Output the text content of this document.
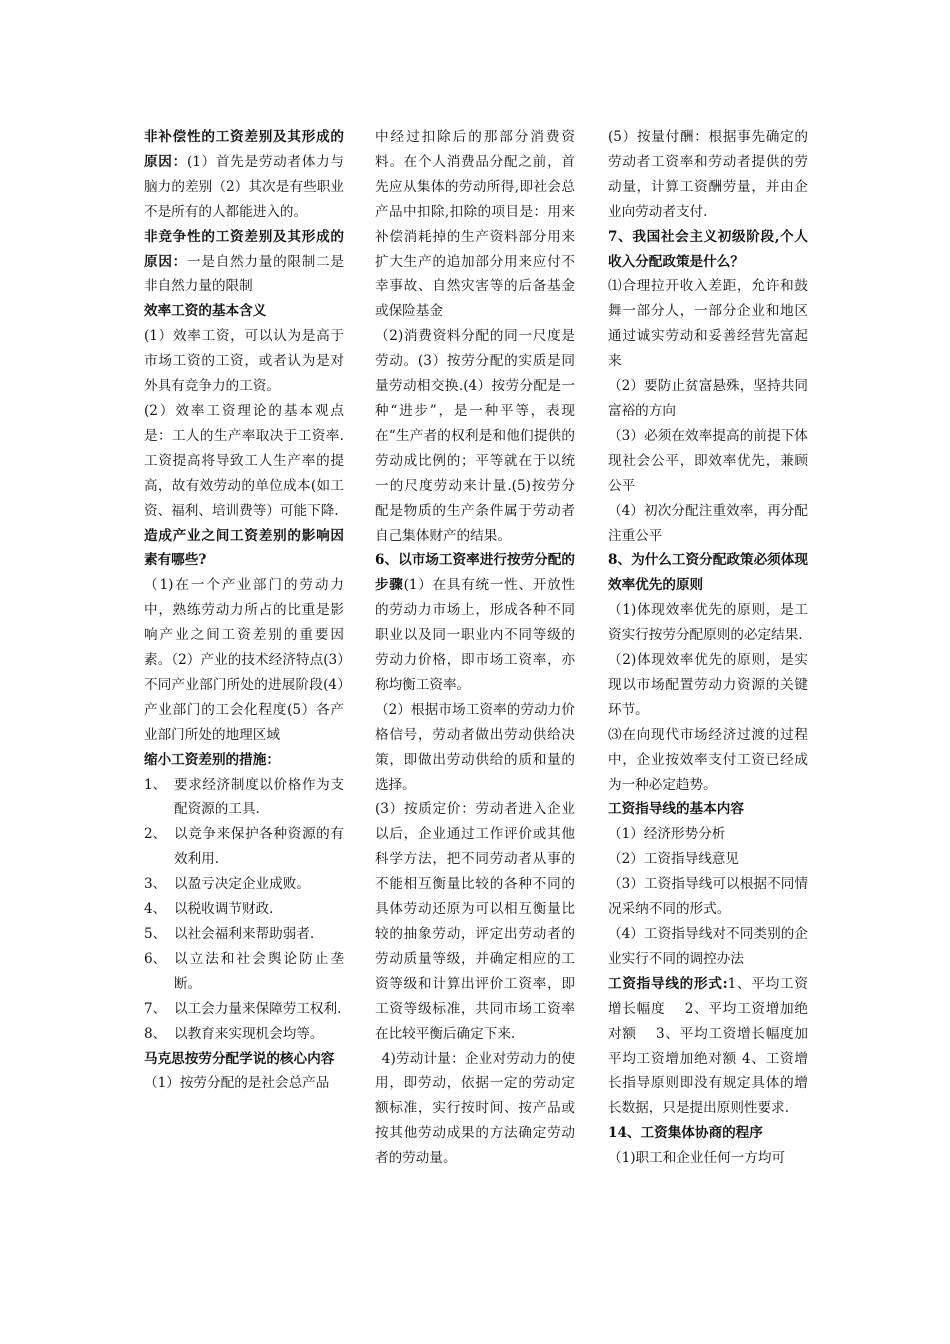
非补偿性的工资差别及其形成的原因：(1）首先是劳动者体力与脑力的差别（2）其次是有些职业不是所有的人都能进入的。

非竞争性的工资差别及其形成的原因：一是自然力量的限制二是非自然力量的限制

效率工资的基本含义

(1）效率工资，可以认为是高于市场工资的工资，或者认为是对外具有竞争力的工资。

(2）效率工资理论的基本观点是：工人的生产率取决于工资率.工资提高将导致工人生产率的提高，故有效劳动的单位成本(如工资、福利、培训费等）可能下降.

造成产业之间工资差别的影响因素有哪些?

（1)在一个产业部门的劳动力中，熟练劳动力所占的比重是影响产业之间工资差别的重要因素。（2）产业的技术经济特点(3）不同产业部门所处的进展阶段(4）产业部门的工会化程度(5）各产业部门所处的地理区域

缩小工资差别的措施：

1、 要求经济制度以价格作为支配资源的工具.
2、 以竞争来保护各种资源的有效利用.
3、 以盈亏决定企业成败。
4、 以税收调节财政.
5、 以社会福利来帮助弱者.
6、 以立法和社会舆论防止垄断。
7、 以工会力量来保障劳工权利.
8、 以教育来实现机会均等。

马克思按劳分配学说的核心内容

（1）按劳分配的是社会总产品

中经过扣除后的那部分消费资料。在个人消费品分配之前，首先应从集体的劳动所得,即社会总产品中扣除,扣除的项目是：用来补偿消耗掉的生产资料部分用来扩大生产的追加部分用来应付不幸事故、自然灾害等的后备基金或保险基金

（2)消费资料分配的同一尺度是劳动。(3）按劳分配的实质是同量劳动相交换.(4）按劳分配是一种“进步”，是一种平等，表现在“生产者的权利是和他们提供的劳动成比例的；平等就在于以统一的尺度劳动来计量.(5)按劳分配是物质的生产条件属于劳动者自己集体财产的结果。

6、以市场工资率进行按劳分配的步骤(1）在具有统一性、开放性的劳动力市场上，形成各种不同职业以及同一职业内不同等级的劳动力价格，即市场工资率，亦称均衡工资率。

（2）根据市场工资率的劳动力价格信号，劳动者做出劳动供给决策，即做出劳动供给的质和量的选择。

(3）按质定价：劳动者进入企业以后，企业通过工作评价或其他科学方法，把不同劳动者从事的不能相互衡量比较的各种不同的具体劳动还原为可以相互衡量比较的抽象劳动，评定出劳动者的劳动质量等级，并确定相应的工资等级和计算出评价工资率，即工资等级标准，共同市场工资率在比较平衡后确定下来.

4)劳动计量：企业对劳动力的使用，即劳动，依据一定的劳动定额标准，实行按时间、按产品或按其他劳动成果的方法确定劳动者的劳动量。

(5）按量付酬：根据事先确定的劳动者工资率和劳动者提供的劳动量，计算工资酬劳量，并由企业向劳动者支付.

7、我国社会主义初级阶段,个人收入分配政策是什么？

⑴合理拉开收入差距，允许和鼓舞一部分人，一部分企业和地区通过诚实劳动和妥善经营先富起来

（2）要防止贫富悬殊，坚持共同富裕的方向

（3）必须在效率提高的前提下体现社会公平，即效率优先，兼顾公平

（4）初次分配注重效率，再分配注重公平

8、为什么工资分配政策必须体现效率优先的原则

（1)体现效率优先的原则，是工资实行按劳分配原则的必定结果.

（2)体现效率优先的原则，是实现以市场配置劳动力资源的关键环节。

⑶在向现代市场经济过渡的过程中，企业按效率支付工资已经成为一种必定趋势。

工资指导线的基本内容

（1）经济形势分析

（2）工资指导线意见

（3）工资指导线可以根据不同情况采纳不同的形式。

（4）工资指导线对不同类别的企业实行不同的调控办法

工资指导线的形式:1、平均工资增长幅度　 2、平均工资增加绝对额　 3、平均工资增长幅度加平均工资增加绝对额 4、工资增长指导原则即没有规定具体的增长数据，只是提出原则性要求.

14、工资集体协商的程序

（1)职工和企业任何一方均可
